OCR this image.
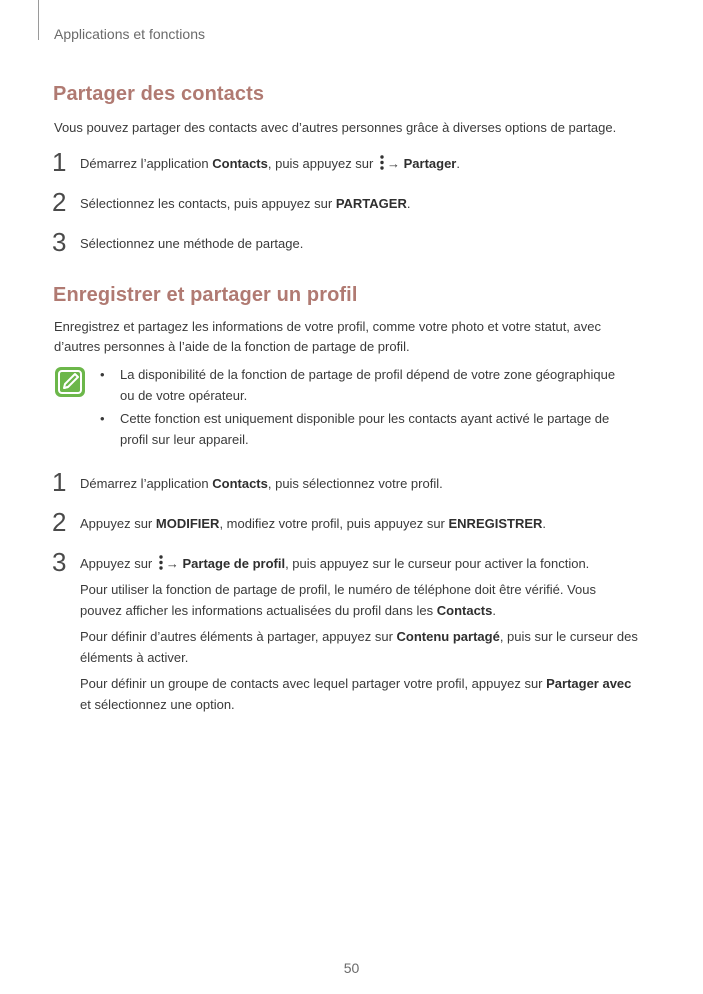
Applications et fonctions
Partager des contacts
Vous pouvez partager des contacts avec d’autres personnes grâce à diverses options de partage.
1 Démarrez l’application Contacts, puis appuyez sur → Partager.
2 Sélectionnez les contacts, puis appuyez sur PARTAGER.
3 Sélectionnez une méthode de partage.
Enregistrer et partager un profil
Enregistrez et partagez les informations de votre profil, comme votre photo et votre statut, avec
d’autres personnes à l’aide de la fonction de partage de profil.
•	La disponibilité de la fonction de partage de profil dépend de votre zone géographique
ou de votre opérateur.
•	Cette fonction est uniquement disponible pour les contacts ayant activé le partage de
profil sur leur appareil.
1 Démarrez l’application Contacts, puis sélectionnez votre profil.
2 Appuyez sur MODIFIER, modifiez votre profil, puis appuyez sur ENREGISTRER.
3 Appuyez sur → Partage de profil, puis appuyez sur le curseur pour activer la fonction.
Pour utiliser la fonction de partage de profil, le numéro de téléphone doit être vérifié. Vous
pouvez afficher les informations actualisées du profil dans les Contacts.
Pour définir d’autres éléments à partager, appuyez sur Contenu partagé, puis sur le curseur des
éléments à activer.
Pour définir un groupe de contacts avec lequel partager votre profil, appuyez sur Partager avec
et sélectionnez une option.
50
